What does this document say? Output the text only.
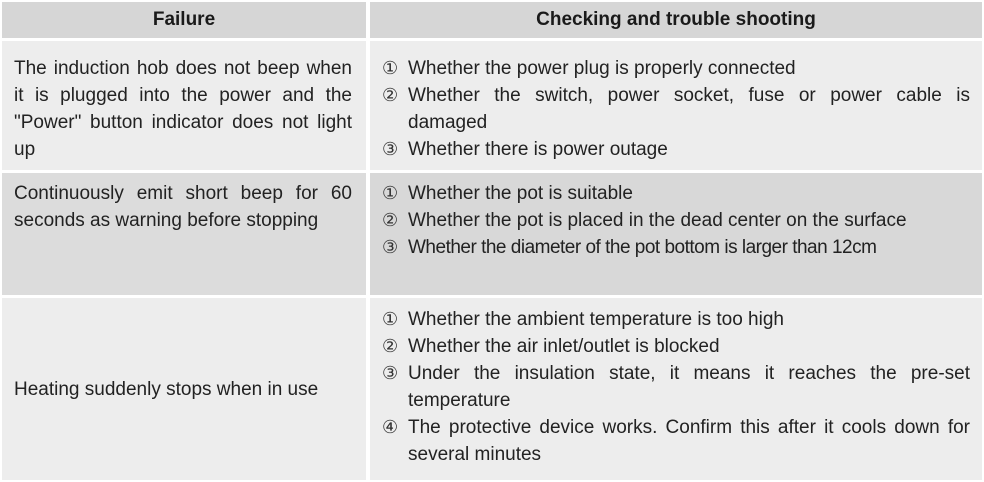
Failure	Checking and trouble shooting
The induction hob does not beep when it is plugged into the power and the "Power" button indicator does not light up
① Whether the power plug is properly connected
② Whether the switch, power socket, fuse or power cable is damaged
③ Whether there is power outage
Continuously emit short beep for 60 seconds as warning before stopping
① Whether the pot is suitable
② Whether the pot is placed in the dead center on the surface
③ Whether the diameter of the pot bottom is larger than 12cm
Heating suddenly stops when in use
① Whether the ambient temperature is too high
② Whether the air inlet/outlet is blocked
③ Under the insulation state, it means it reaches the pre-set temperature
④ The protective device works. Confirm this after it cools down for several minutes
